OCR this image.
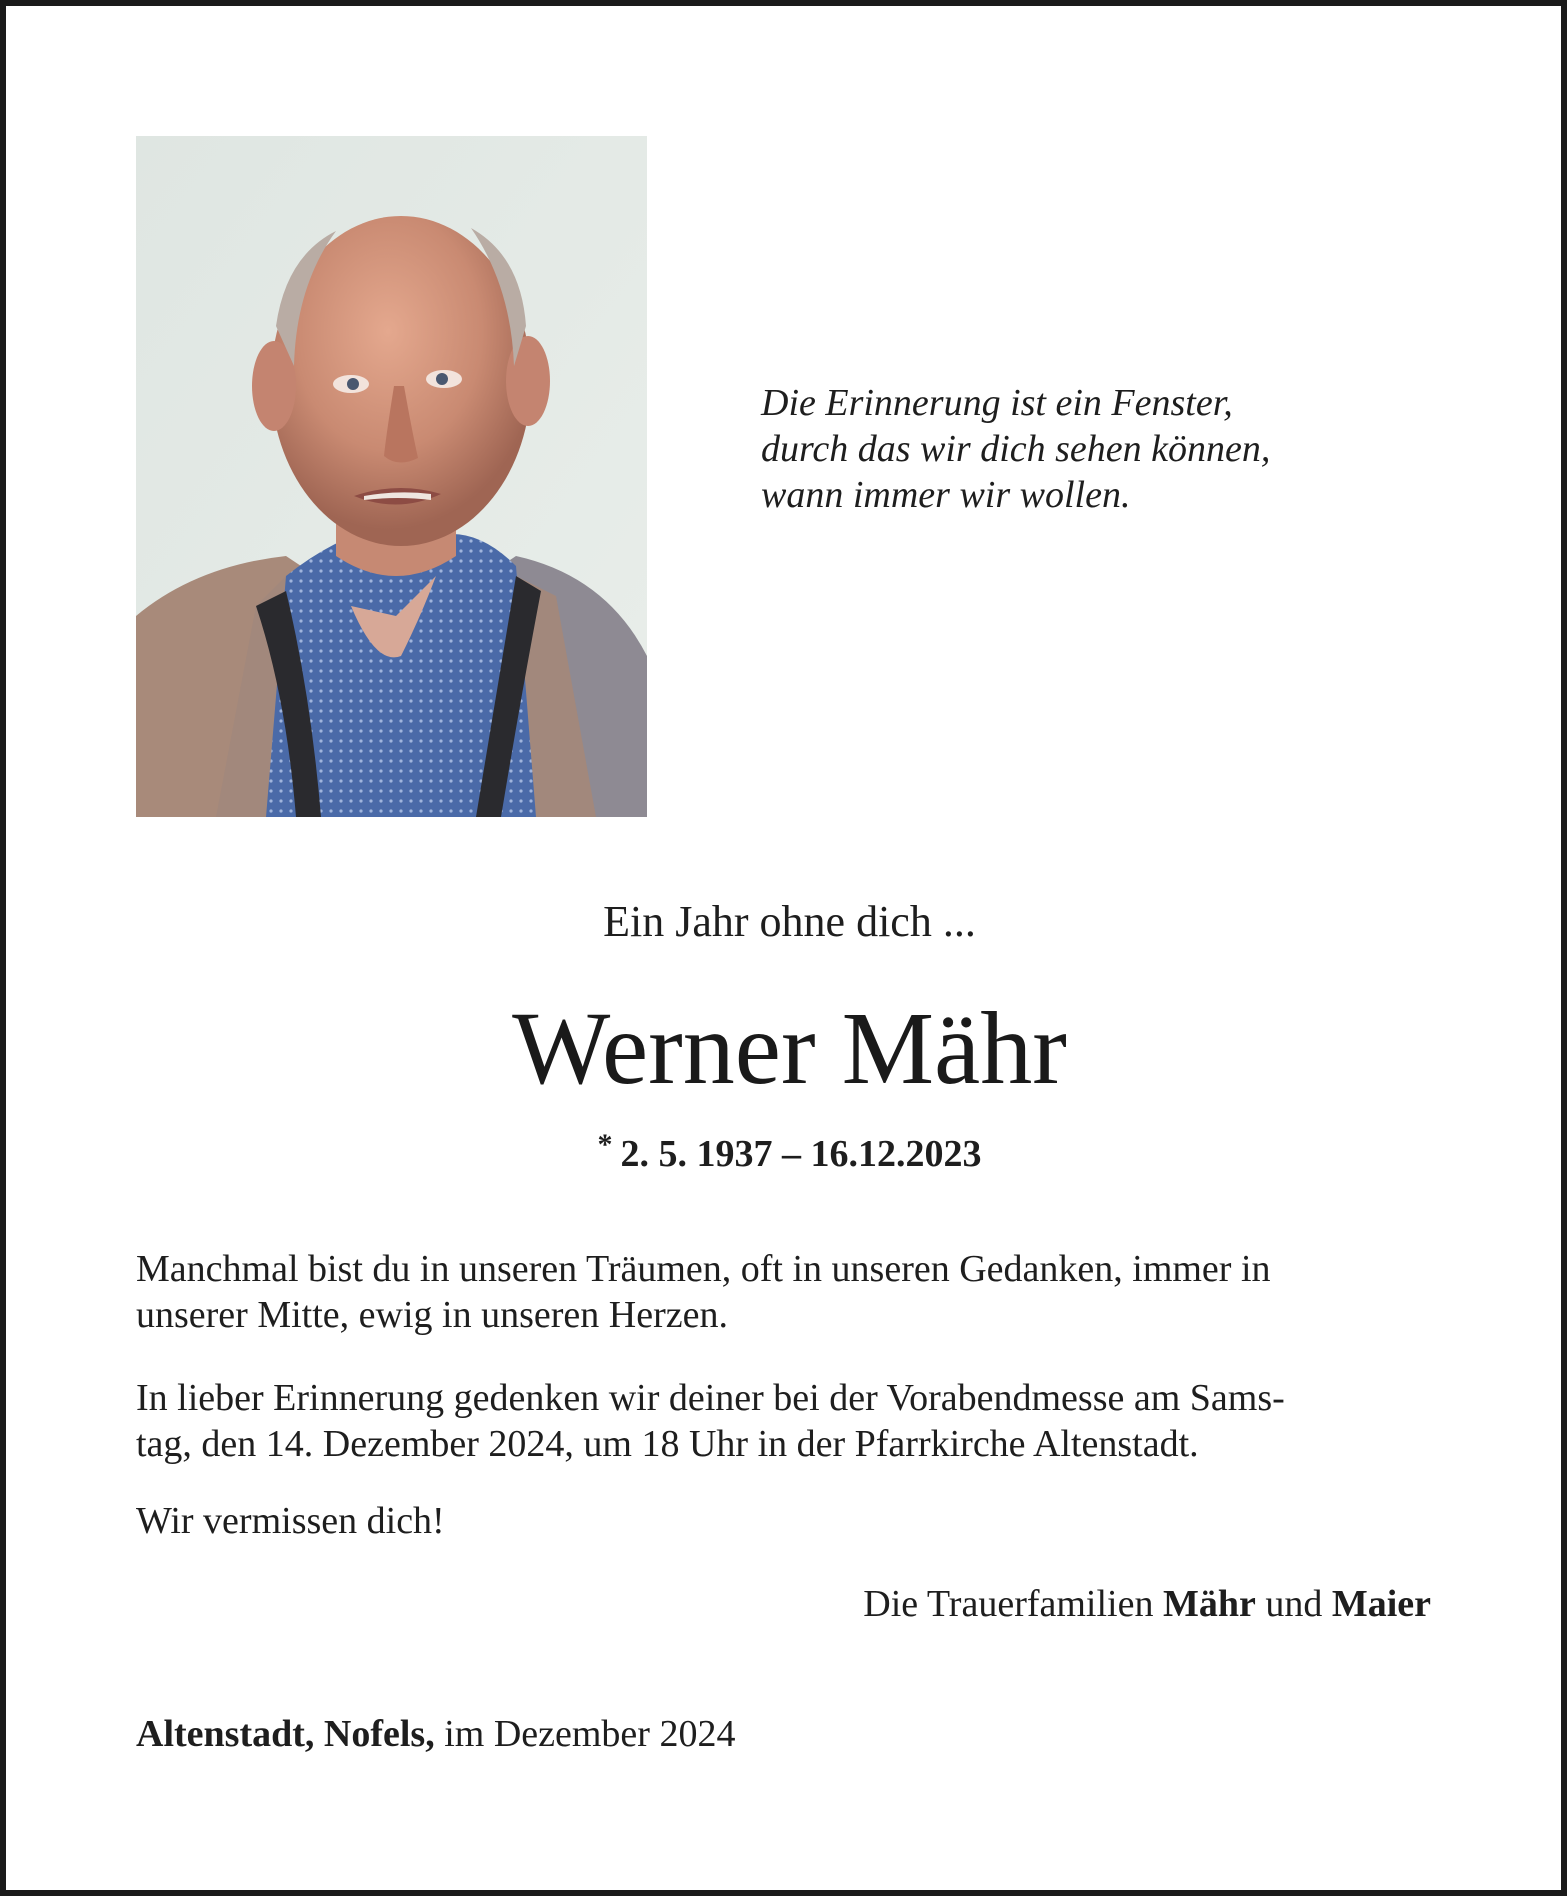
Die Erinnerung ist ein Fenster,
durch das wir dich sehen können,
wann immer wir wollen.
Ein Jahr ohne dich ...
Werner Mähr
* 2. 5. 1937 – 16.12.2023
Manchmal bist du in unseren Träumen, oft in unseren Gedanken, immer in
unserer Mitte, ewig in unseren Herzen.
In lieber Erinnerung gedenken wir deiner bei der Vorabendmesse am Sams-
tag, den 14. Dezember 2024, um 18 Uhr in der Pfarrkirche Altenstadt.
Wir vermissen dich!
Die Trauerfamilien Mähr und Maier
Altenstadt, Nofels, im Dezember 2024
